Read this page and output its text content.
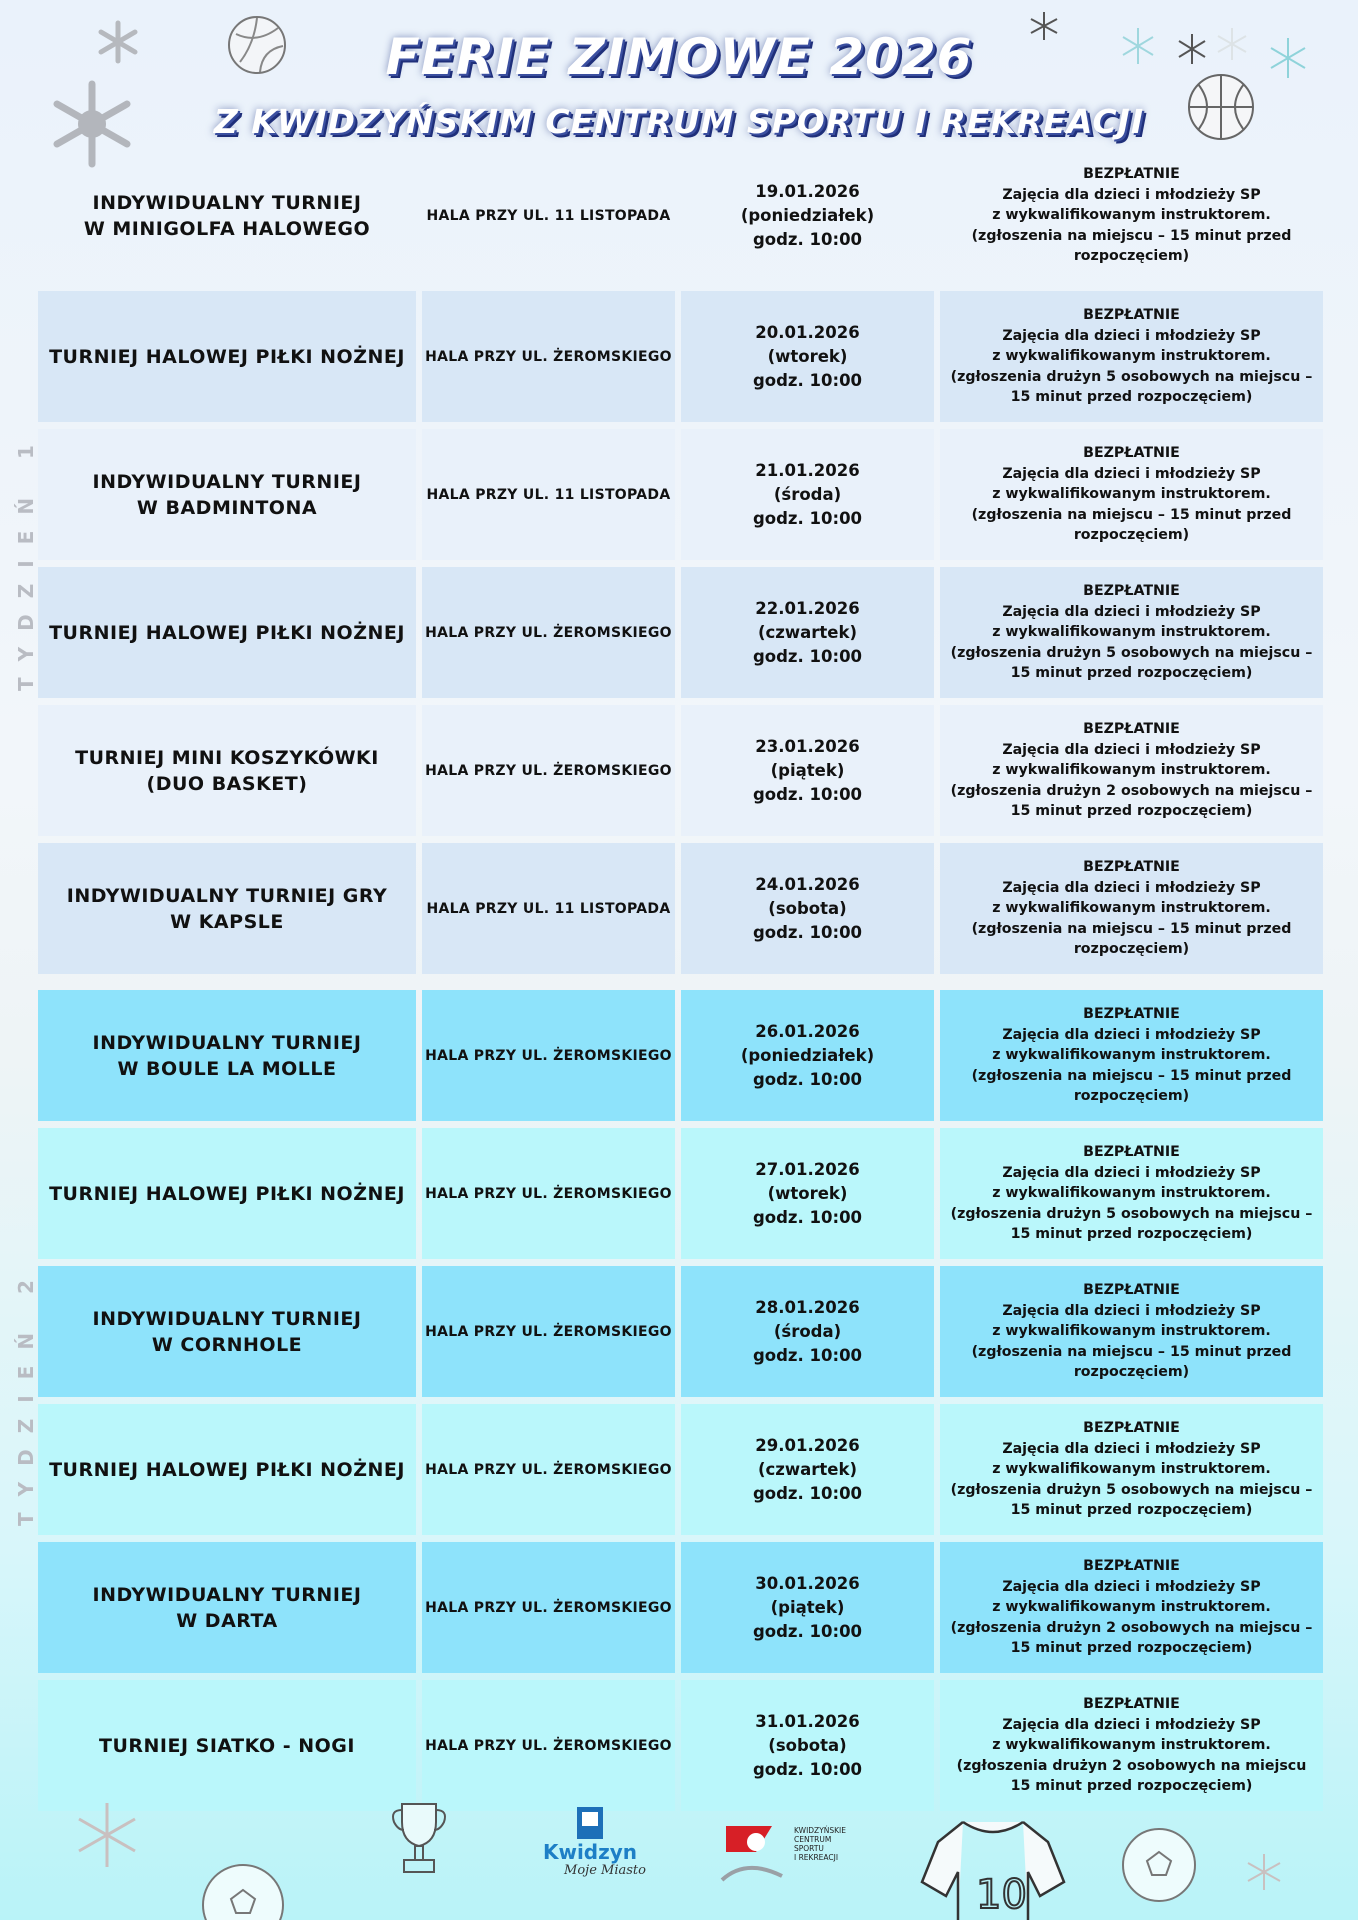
FERIE ZIMOWE 2026
Z KWIDZYŃSKIM CENTRUM SPORTU I REKREACJI
TYDZIEŃ 1
TYDZIEŃ 2
INDYWIDUALNY TURNIEJ
W MINIGOLFA HALOWEGO
HALA PRZY UL. 11 LISTOPADA
19.01.2026
(poniedziałek)
godz. 10:00
BEZPŁATNIE
Zajęcia dla dzieci i młodzieży SP
z wykwalifikowanym instruktorem.
(zgłoszenia na miejscu – 15 minut przed
rozpoczęciem)
TURNIEJ HALOWEJ PIŁKI NOŻNEJ HALA PRZY UL. ŻEROMSKIEGO
20.01.2026
(wtorek)
godz. 10:00
BEZPŁATNIE
Zajęcia dla dzieci i młodzieży SP
z wykwalifikowanym instruktorem.
(zgłoszenia drużyn 5 osobowych na miejscu –
15 minut przed rozpoczęciem)
INDYWIDUALNY TURNIEJ
W BADMINTONA
HALA PRZY UL. 11 LISTOPADA
21.01.2026
(środa)
godz. 10:00
BEZPŁATNIE
Zajęcia dla dzieci i młodzieży SP
z wykwalifikowanym instruktorem.
(zgłoszenia na miejscu – 15 minut przed
rozpoczęciem)
TURNIEJ HALOWEJ PIŁKI NOŻNEJ HALA PRZY UL. ŻEROMSKIEGO
22.01.2026
(czwartek)
godz. 10:00
BEZPŁATNIE
Zajęcia dla dzieci i młodzieży SP
z wykwalifikowanym instruktorem.
(zgłoszenia drużyn 5 osobowych na miejscu –
15 minut przed rozpoczęciem)
TURNIEJ MINI KOSZYKÓWKI
(DUO BASKET)
HALA PRZY UL. ŻEROMSKIEGO
23.01.2026
(piątek)
godz. 10:00
BEZPŁATNIE
Zajęcia dla dzieci i młodzieży SP
z wykwalifikowanym instruktorem.
(zgłoszenia drużyn 2 osobowych na miejscu –
15 minut przed rozpoczęciem)
INDYWIDUALNY TURNIEJ GRY
W KAPSLE
HALA PRZY UL. 11 LISTOPADA
24.01.2026
(sobota)
godz. 10:00
BEZPŁATNIE
Zajęcia dla dzieci i młodzieży SP
z wykwalifikowanym instruktorem.
(zgłoszenia na miejscu – 15 minut przed
rozpoczęciem)
INDYWIDUALNY TURNIEJ
W BOULE LA MOLLE
HALA PRZY UL. ŻEROMSKIEGO
26.01.2026
(poniedziałek)
godz. 10:00
BEZPŁATNIE
Zajęcia dla dzieci i młodzieży SP
z wykwalifikowanym instruktorem.
(zgłoszenia na miejscu – 15 minut przed
rozpoczęciem)
TURNIEJ HALOWEJ PIŁKI NOŻNEJ HALA PRZY UL. ŻEROMSKIEGO
27.01.2026
(wtorek)
godz. 10:00
BEZPŁATNIE
Zajęcia dla dzieci i młodzieży SP
z wykwalifikowanym instruktorem.
(zgłoszenia drużyn 5 osobowych na miejscu –
15 minut przed rozpoczęciem)
INDYWIDUALNY TURNIEJ
W CORNHOLE
HALA PRZY UL. ŻEROMSKIEGO
28.01.2026
(środa)
godz. 10:00
BEZPŁATNIE
Zajęcia dla dzieci i młodzieży SP
z wykwalifikowanym instruktorem.
(zgłoszenia na miejscu – 15 minut przed
rozpoczęciem)
TURNIEJ HALOWEJ PIŁKI NOŻNEJ HALA PRZY UL. ŻEROMSKIEGO
29.01.2026
(czwartek)
godz. 10:00
BEZPŁATNIE
Zajęcia dla dzieci i młodzieży SP
z wykwalifikowanym instruktorem.
(zgłoszenia drużyn 5 osobowych na miejscu –
15 minut przed rozpoczęciem)
INDYWIDUALNY TURNIEJ
W DARTA
HALA PRZY UL. ŻEROMSKIEGO
30.01.2026
(piątek)
godz. 10:00
BEZPŁATNIE
Zajęcia dla dzieci i młodzieży SP
z wykwalifikowanym instruktorem.
(zgłoszenia drużyn 2 osobowych na miejscu –
15 minut przed rozpoczęciem)
TURNIEJ SIATKO - NOGI	HALA PRZY UL. ŻEROMSKIEGO
31.01.2026
(sobota)
godz. 10:00
BEZPŁATNIE
Zajęcia dla dzieci i młodzieży SP
z wykwalifikowanym instruktorem.
(zgłoszenia drużyn 2 osobowych na miejscu
15 minut przed rozpoczęciem)
Kwidzyn
Moje Miasto
KWIDZYŃSKIE
CENTRUM
SPORTU
I REKREACJI
10
